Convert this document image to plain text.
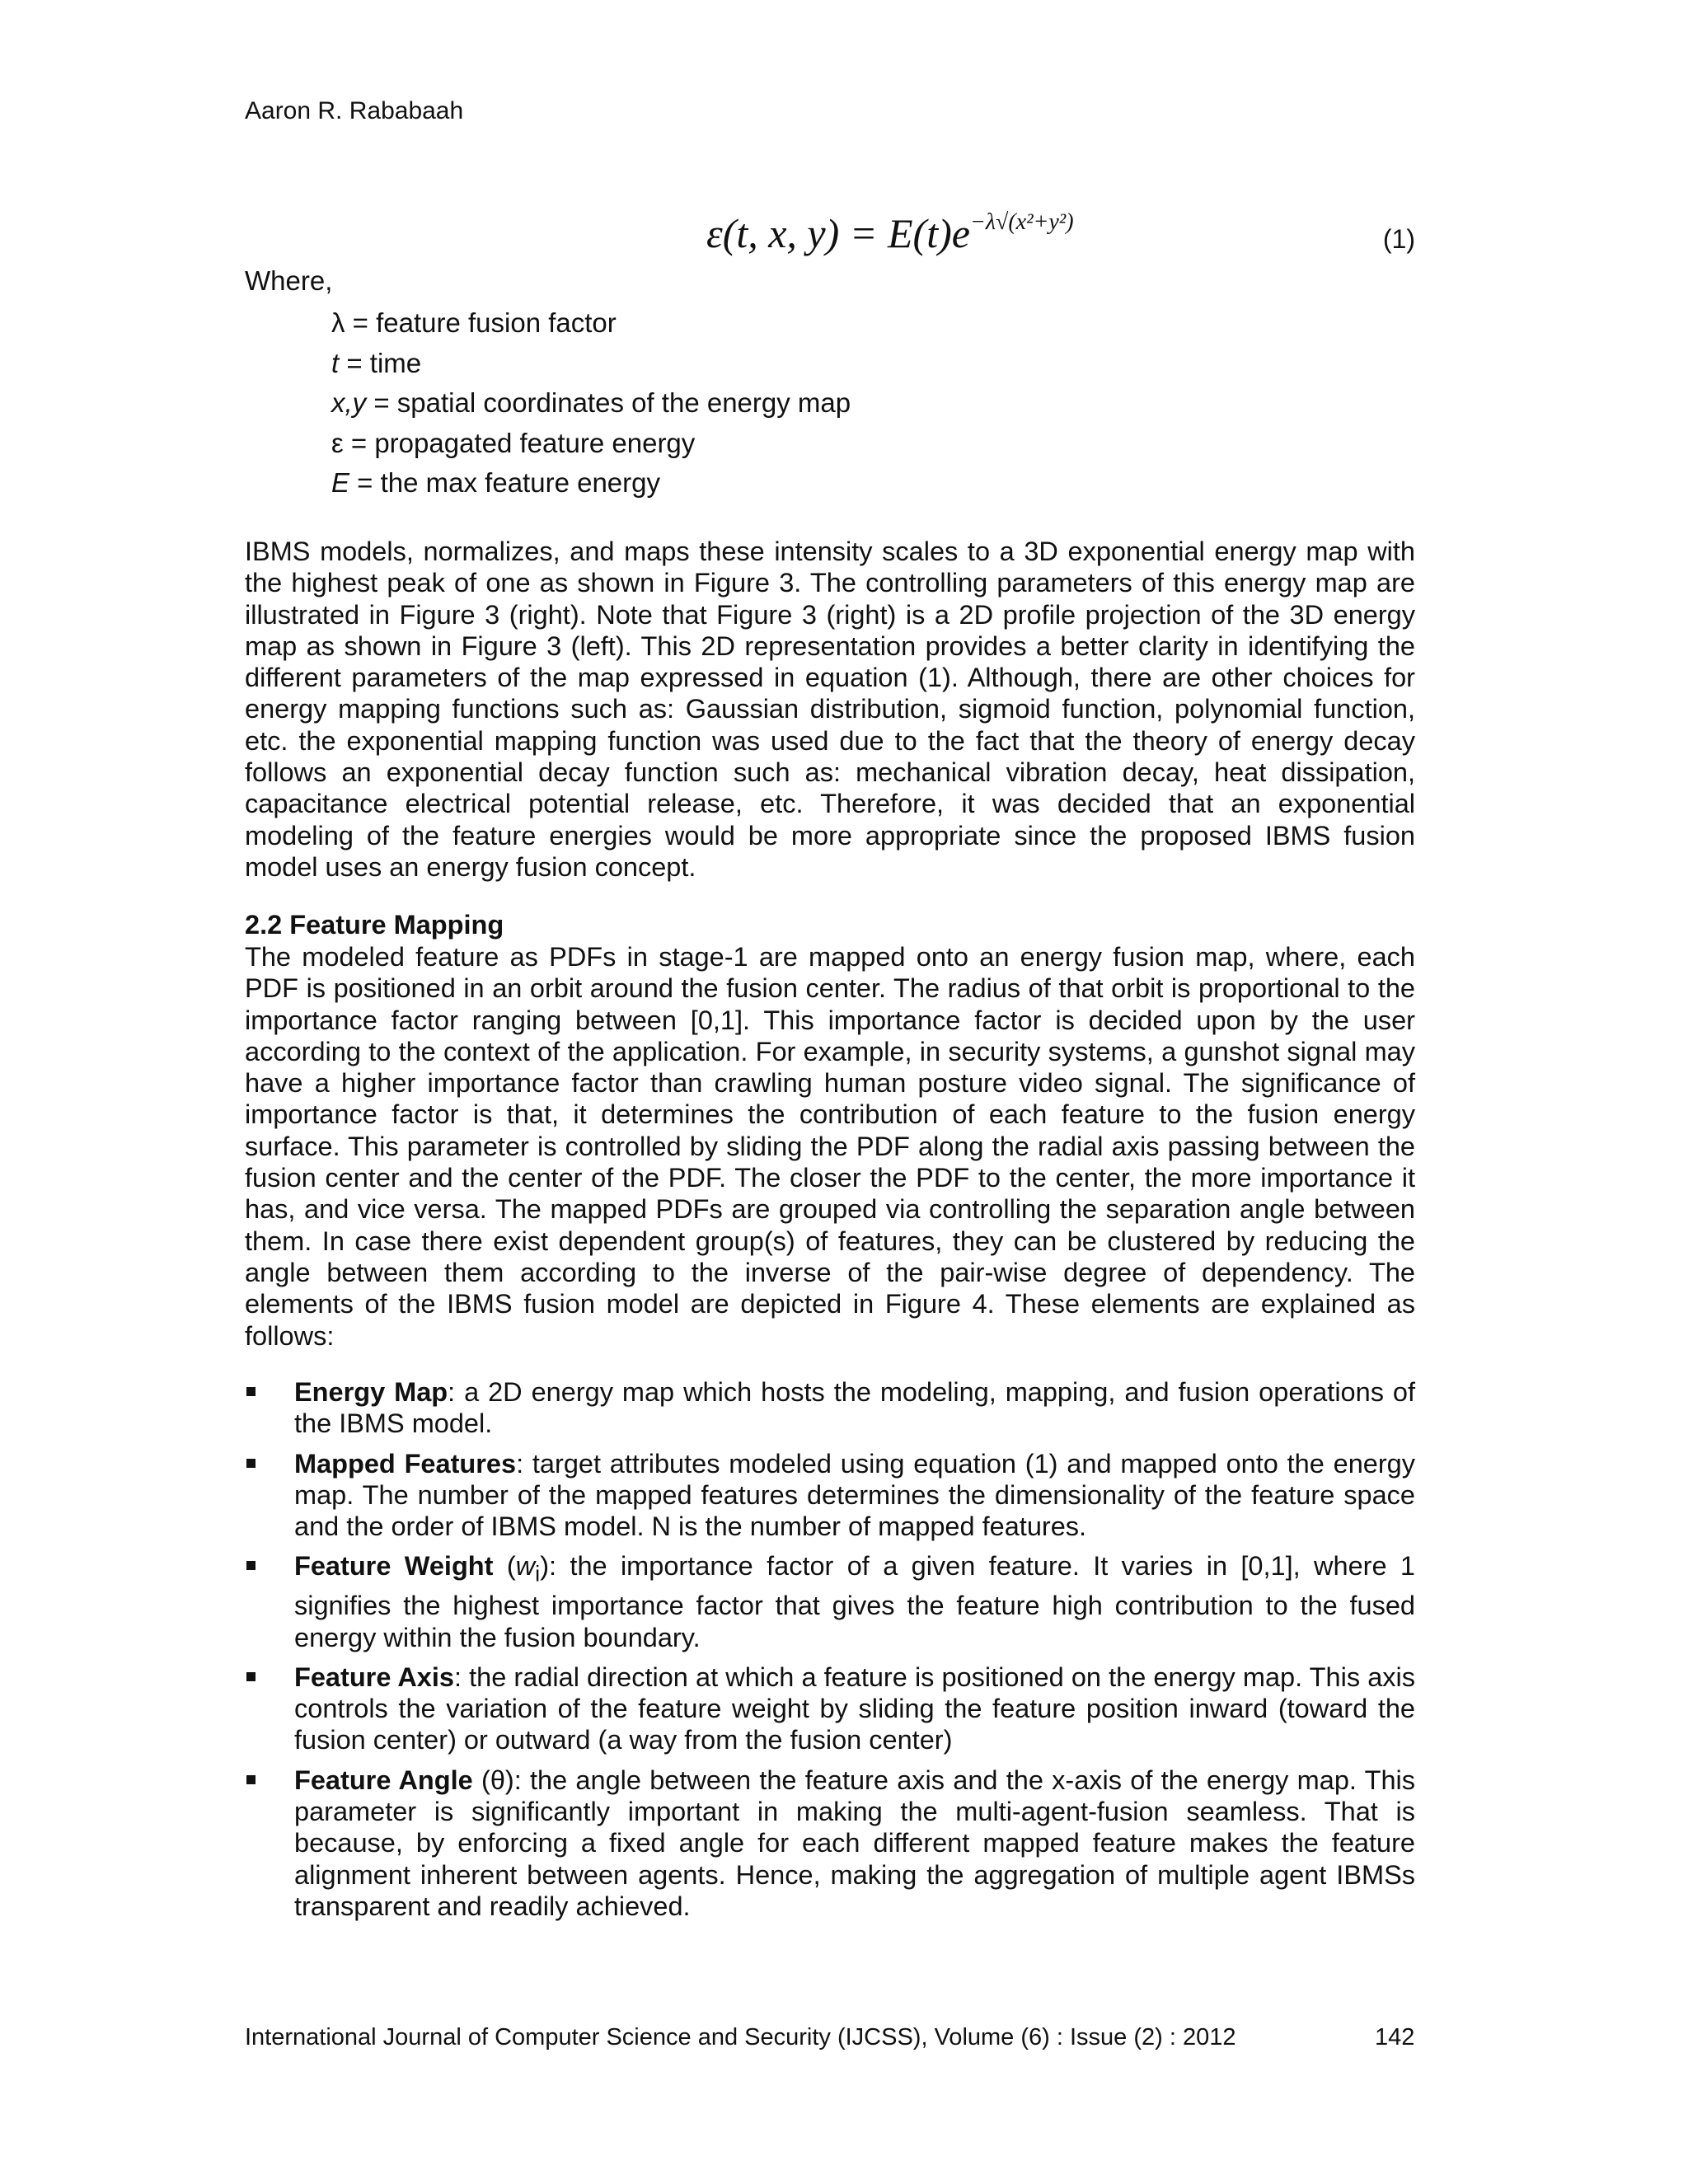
Aaron R. Rababaah
ε(t, x, $y) = E(t)e^{-\lambda√(x^2+y^2)}$
(1)
Where,
λ = feature fusion factor
t = time
x,y = spatial coordinates of the energy map
ε = propagated feature energy
E = the max feature energy
IBMS models, normalizes, and maps these intensity scales to a 3D exponential energy map with the highest peak of one as shown in Figure 3. The controlling parameters of this energy map are illustrated in Figure 3 (right). Note that Figure 3 (right) is a 2D profile projection of the 3D energy map as shown in Figure 3 (left). This 2D representation provides a better clarity in identifying the different parameters of the map expressed in equation (1). Although, there are other choices for energy mapping functions such as: Gaussian distribution, sigmoid function, polynomial function, etc. the exponential mapping function was used due to the fact that the theory of energy decay follows an exponential decay function such as: mechanical vibration decay, heat dissipation, capacitance electrical potential release, etc. Therefore, it was decided that an exponential modeling of the feature energies would be more appropriate since the proposed IBMS fusion model uses an energy fusion concept.
2.2 Feature Mapping
The modeled feature as PDFs in stage-1 are mapped onto an energy fusion map, where, each PDF is positioned in an orbit around the fusion center. The radius of that orbit is proportional to the importance factor ranging between [0,1]. This importance factor is decided upon by the user according to the context of the application. For example, in security systems, a gunshot signal may have a higher importance factor than crawling human posture video signal. The significance of importance factor is that, it determines the contribution of each feature to the fusion energy surface. This parameter is controlled by sliding the PDF along the radial axis passing between the fusion center and the center of the PDF. The closer the PDF to the center, the more importance it has, and vice versa. The mapped PDFs are grouped via controlling the separation angle between them. In case there exist dependent group(s) of features, they can be clustered by reducing the angle between them according to the inverse of the pair-wise degree of dependency. The elements of the IBMS fusion model are depicted in Figure 4. These elements are explained as follows:
Energy Map: a 2D energy map which hosts the modeling, mapping, and fusion operations of the IBMS model.
Mapped Features: target attributes modeled using equation (1) and mapped onto the energy map. The number of the mapped features determines the dimensionality of the feature space and the order of IBMS model. N is the number of mapped features.
Feature Weight $(w_i)$: the importance factor of a given feature. It varies in [0,1], where 1 signifies the highest importance factor that gives the feature high contribution to the fused energy within the fusion boundary.
Feature Axis: the radial direction at which a feature is positioned on the energy map. This axis controls the variation of the feature weight by sliding the feature position inward (toward the fusion center) or outward (a way from the fusion center)
Feature Angle (θ): the angle between the feature axis and the x-axis of the energy map. This parameter is significantly important in making the multi-agent-fusion seamless. That is because, by enforcing a fixed angle for each different mapped feature makes the feature alignment inherent between agents. Hence, making the aggregation of multiple agent IBMSs transparent and readily achieved.
International Journal of Computer Science and Security (IJCSS), Volume (6) : Issue (2) : 2012	142
